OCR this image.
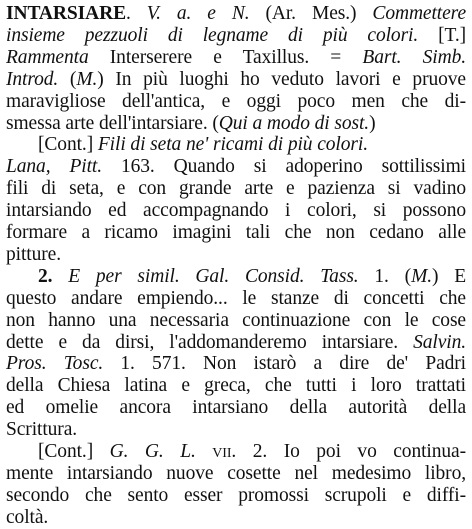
INTARSIARE. V. a. e N. (Ar. Mes.) Commettere
insieme pezzuoli di legname di più colori. [T.]
Rammenta Interserere e Taxillus. = Bart. Simb.
Introd. (M.) In più luoghi ho veduto lavori e pruove
maravigliose dell'antica, e oggi poco men che di-
smessa arte dell'intarsiare. (Qui a modo di sost.)
[Cont.] Fili di seta ne' ricami di più colori.
Lana, Pitt. 163. Quando si adoperino sottilissimi
fili di seta, e con grande arte e pazienza si vadino
intarsiando ed accompagnando i colori, si possono
formare a ricamo imagini tali che non cedano alle
pitture.
2. E per simil. Gal. Consid. Tass. 1. (M.) E
questo andare empiendo... le stanze di concetti che
non hanno una necessaria continuazione con le cose
dette e da dirsi, l'addomanderemo intarsiare. Salvin.
Pros. Tosc. 1. 571. Non istarò a dire de' Padri
della Chiesa latina e greca, che tutti i loro trattati
ed omelie ancora intarsiano della autorità della
Scrittura.
[Cont.] G. G. L. vii. 2. Io poi vo continua-
mente intarsiando nuove cosette nel medesimo libro,
secondo che sento esser promossi scrupoli e diffi-
coltà.
